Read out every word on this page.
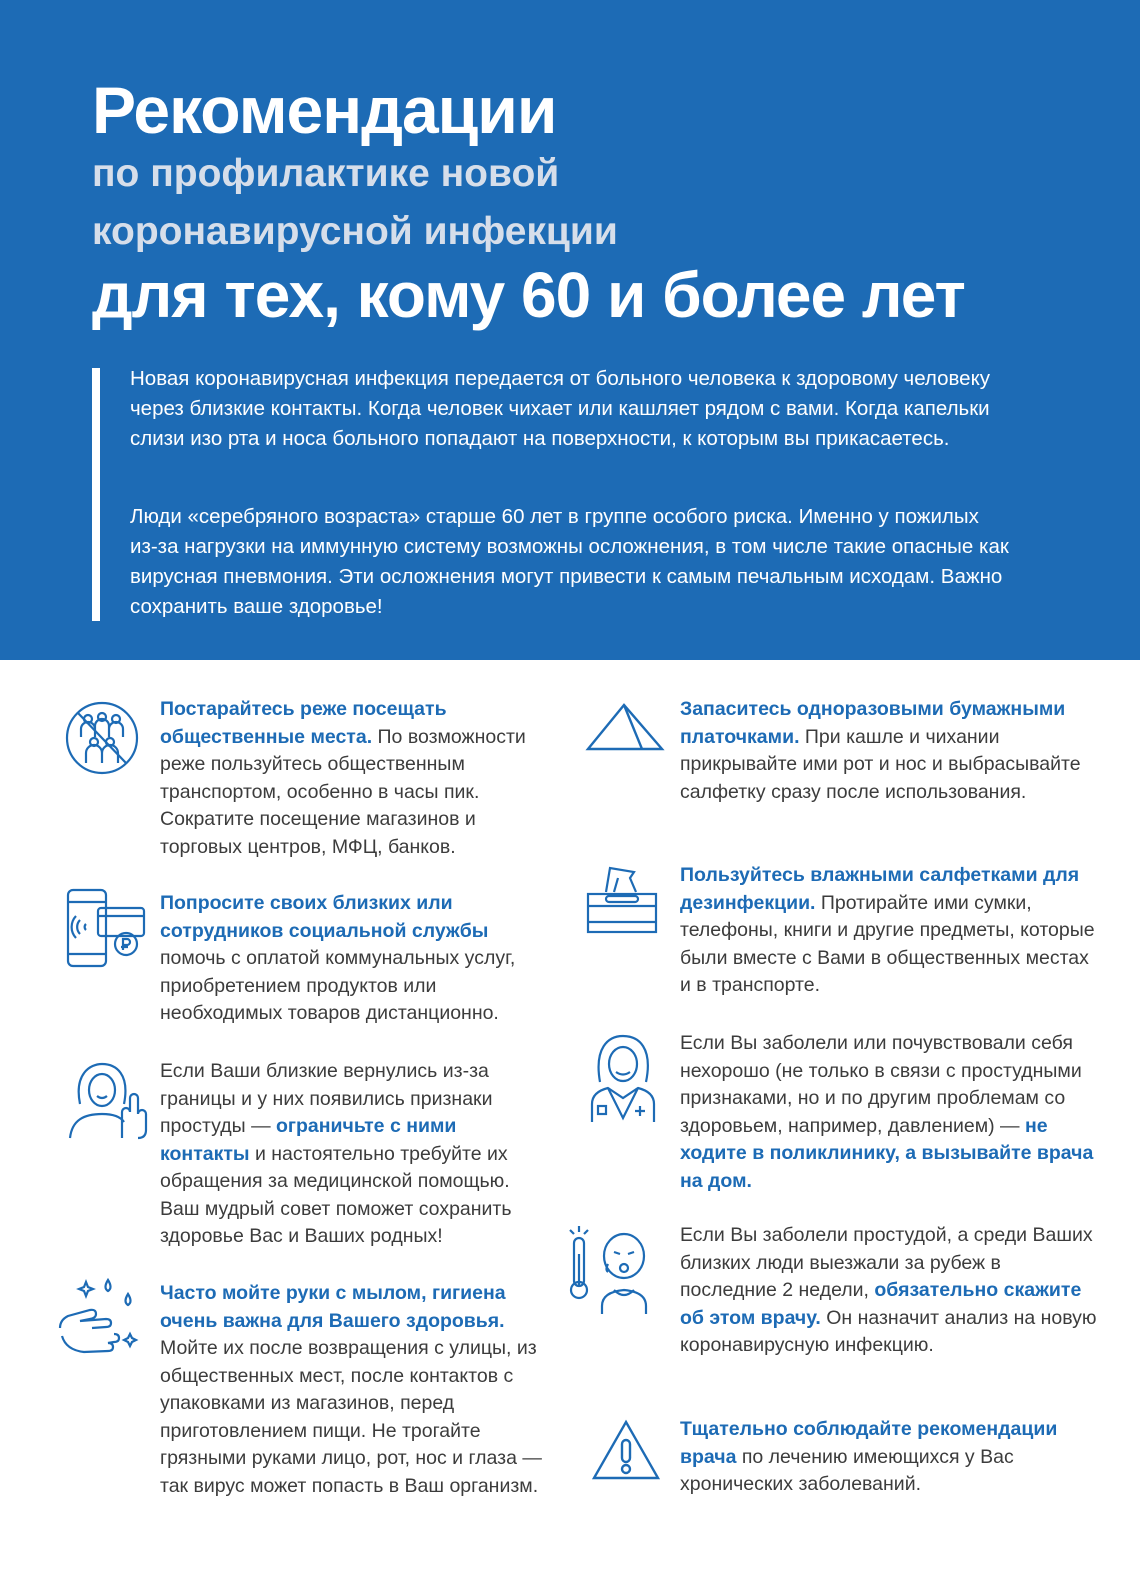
Рекомендации
по профилактике новой
коронавирусной инфекции
для тех, кому 60 и более лет

Новая коронавирусная инфекция передается от больного человека к здоровому человеку через близкие контакты. Когда человек чихает или кашляет рядом с вами. Когда капельки слизи изо рта и носа больного попадают на поверхности, к которым вы прикасаетесь.

Люди «серебряного возраста» старше 60 лет в группе особого риска. Именно у пожилых из-за нагрузки на иммунную систему возможны осложнения, в том числе такие опасные как вирусная пневмония. Эти осложнения могут привести к самым печальным исходам. Важно сохранить ваше здоровье!

Постарайтесь реже посещать общественные места. По возможности реже пользуйтесь общественным транспортом, особенно в часы пик. Сократите посещение магазинов и торговых центров, МФЦ, банков.

Попросите своих близких или сотрудников социальной службы помочь с оплатой коммунальных услуг, приобретением продуктов или необходимых товаров дистанционно.

Если Ваши близкие вернулись из-за границы и у них появились признаки простуды — ограничьте с ними контакты и настоятельно требуйте их обращения за медицинской помощью. Ваш мудрый совет поможет сохранить здоровье Вас и Ваших родных!

Часто мойте руки с мылом, гигиена очень важна для Вашего здоровья. Мойте их после возвращения с улицы, из общественных мест, после контактов с упаковками из магазинов, перед приготовлением пищи. Не трогайте грязными руками лицо, рот, нос и глаза — так вирус может попасть в Ваш организм.

Запаситесь одноразовыми бумажными платочками. При кашле и чихании прикрывайте ими рот и нос и выбрасывайте салфетку сразу после использования.

Пользуйтесь влажными салфетками для дезинфекции. Протирайте ими сумки, телефоны, книги и другие предметы, которые были вместе с Вами в общественных местах и в транспорте.

Если Вы заболели или почувствовали себя нехорошо (не только в связи с простудными признаками, но и по другим проблемам со здоровьем, например, давлением) — не ходите в поликлинику, а вызывайте врача на дом.

Если Вы заболели простудой, а среди Ваших близких люди выезжали за рубеж в последние 2 недели, обязательно скажите об этом врачу. Он назначит анализ на новую коронавирусную инфекцию.

Тщательно соблюдайте рекомендации врача по лечению имеющихся у Вас хронических заболеваний.
